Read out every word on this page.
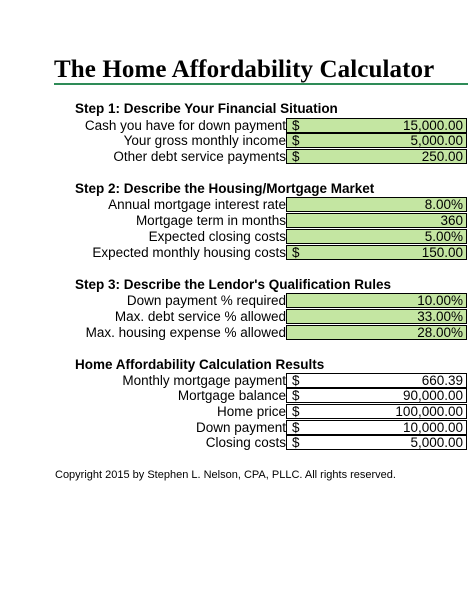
The Home Affordability Calculator
Step 1: Describe Your Financial Situation
Cash you have for down payment $	15,000.00
Your gross monthly income $	5,000.00
Other debt service payments $	250.00
Step 2: Describe the Housing/Mortgage Market
Annual mortgage interest rate	8.00%
Mortgage term in months	360
Expected closing costs	5.00%
Expected monthly housing costs $	150.00
Step 3: Describe the Lendor's Qualification Rules
Down payment % required	10.00%
Max. debt service % allowed	33.00%
Max. housing expense % allowed	28.00%
Home Affordability Calculation Results
Monthly mortgage payment $	660.39
Mortgage balance $	90,000.00
Home price $	100,000.00
Down payment $	10,000.00
Closing costs $	5,000.00
Copyright 2015 by Stephen L. Nelson, CPA, PLLC. All rights reserved.
